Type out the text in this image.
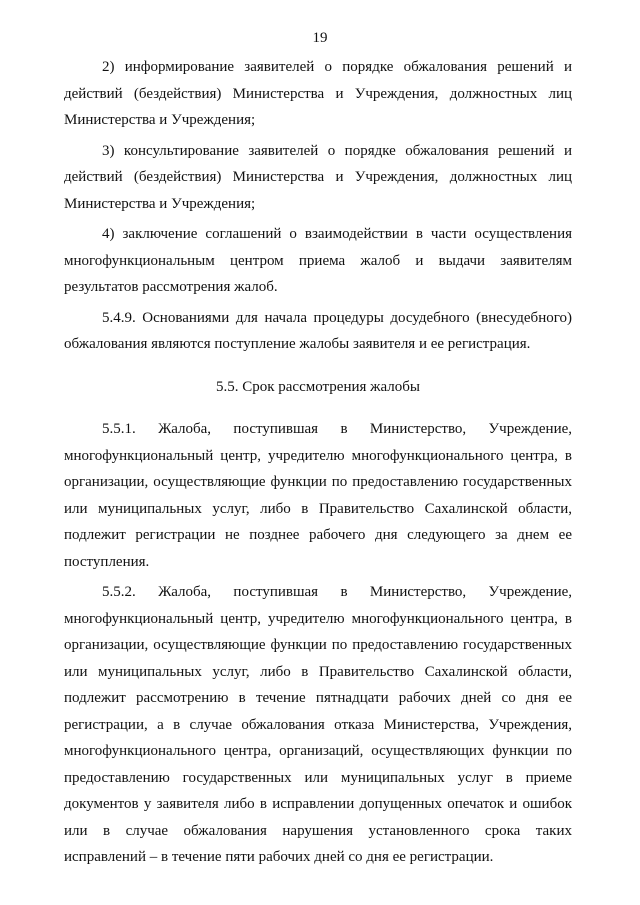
19

2) информирование заявителей о порядке обжалования решений и действий (бездействия) Министерства и Учреждения, должностных лиц Министерства и Учреждения;

3) консультирование заявителей о порядке обжалования решений и действий (бездействия) Министерства и Учреждения, должностных лиц Министерства и Учреждения;

4) заключение соглашений о взаимодействии в части осуществления многофункциональным центром приема жалоб и выдачи заявителям результатов рассмотрения жалоб.

5.4.9. Основаниями для начала процедуры досудебного (внесудебного) обжалования являются поступление жалобы заявителя и ее регистрация.

5.5. Срок рассмотрения жалобы

5.5.1. Жалоба, поступившая в Министерство, Учреждение, многофункциональный центр, учредителю многофункционального центра, в организации, осуществляющие функции по предоставлению государственных или муниципальных услуг, либо в Правительство Сахалинской области, подлежит регистрации не позднее рабочего дня следующего за днем ее поступления.

5.5.2. Жалоба, поступившая в Министерство, Учреждение, многофункциональный центр, учредителю многофункционального центра, в организации, осуществляющие функции по предоставлению государственных или муниципальных услуг, либо в Правительство Сахалинской области, подлежит рассмотрению в течение пятнадцати рабочих дней со дня ее регистрации, а в случае обжалования отказа Министерства, Учреждения, многофункционального центра, организаций, осуществляющих функции по предоставлению государственных или муниципальных услуг в приеме документов у заявителя либо в исправлении допущенных опечаток и ошибок или в случае обжалования нарушения установленного срока таких исправлений – в течение пяти рабочих дней со дня ее регистрации.
